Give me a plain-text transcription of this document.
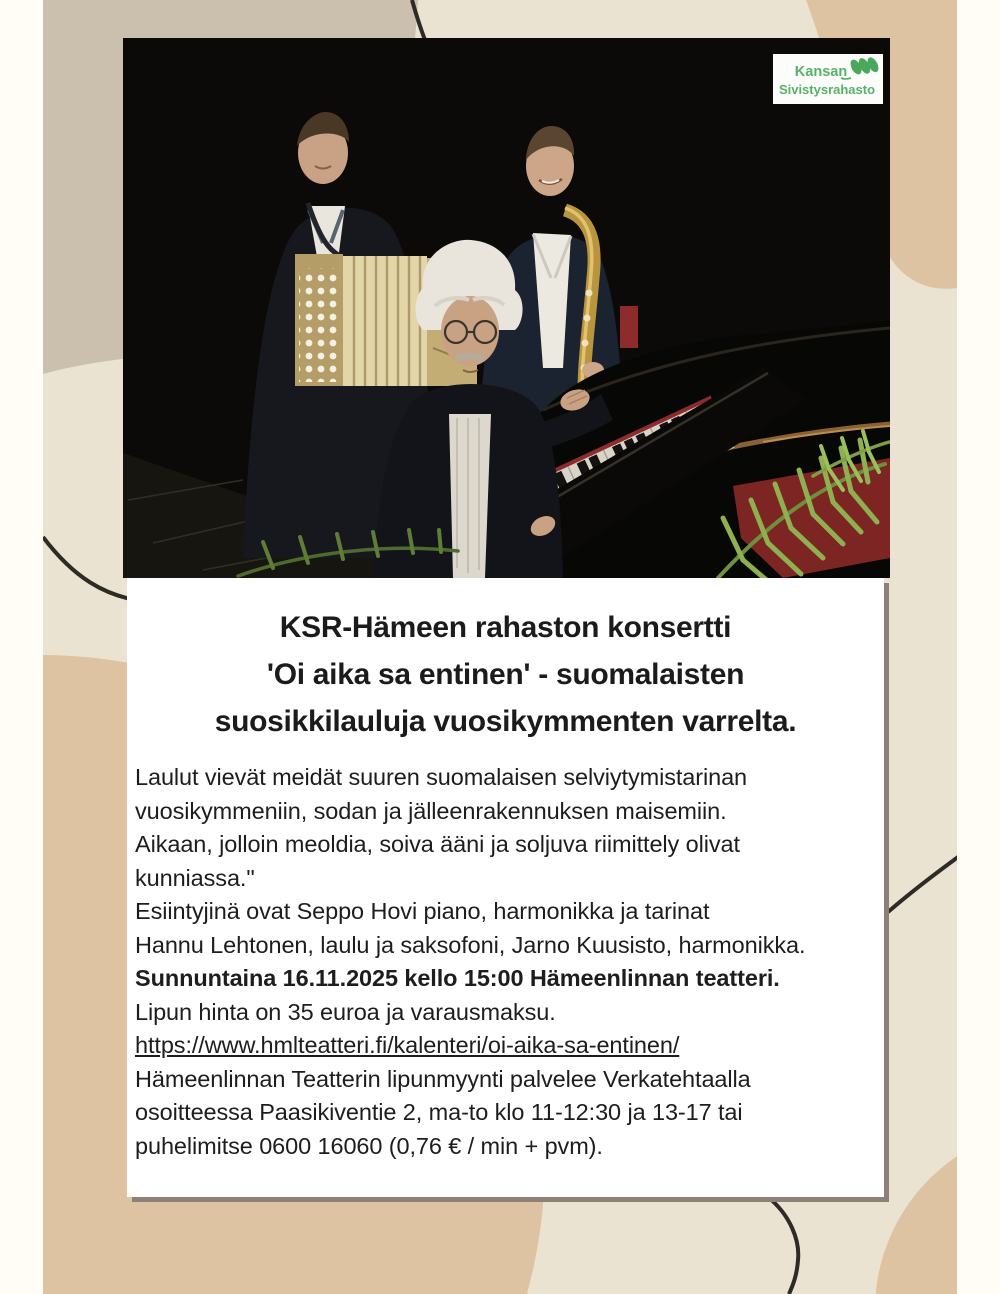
Kansan
Sivistysrahasto
KSR-Hämeen rahaston konsertti
'Oi aika sa entinen' - suomalaisten
suosikkilauluja vuosikymmenten varrelta.

Laulut vievät meidät suuren suomalaisen selviytymistarinan

vuosikymmeniin, sodan ja jälleenrakennuksen maisemiin.

Aikaan, jolloin meoldia, soiva ääni ja soljuva riimittely olivat

kunniassa."

Esiintyjinä ovat Seppo Hovi piano, harmonikka ja tarinat

Hannu Lehtonen, laulu ja saksofoni, Jarno Kuusisto, harmonikka.

Sunnuntaina 16.11.2025 kello 15:00 Hämeenlinnan teatteri.

Lipun hinta on 35 euroa ja varausmaksu.

https://www.hmlteatteri.fi/kalenteri/oi-aika-sa-entinen/

Hämeenlinnan Teatterin lipunmyynti palvelee Verkatehtaalla

osoitteessa Paasikiventie 2, ma-to klo 11-12:30 ja 13-17 tai

puhelimitse 0600 16060 (0,76 € / min + pvm).
